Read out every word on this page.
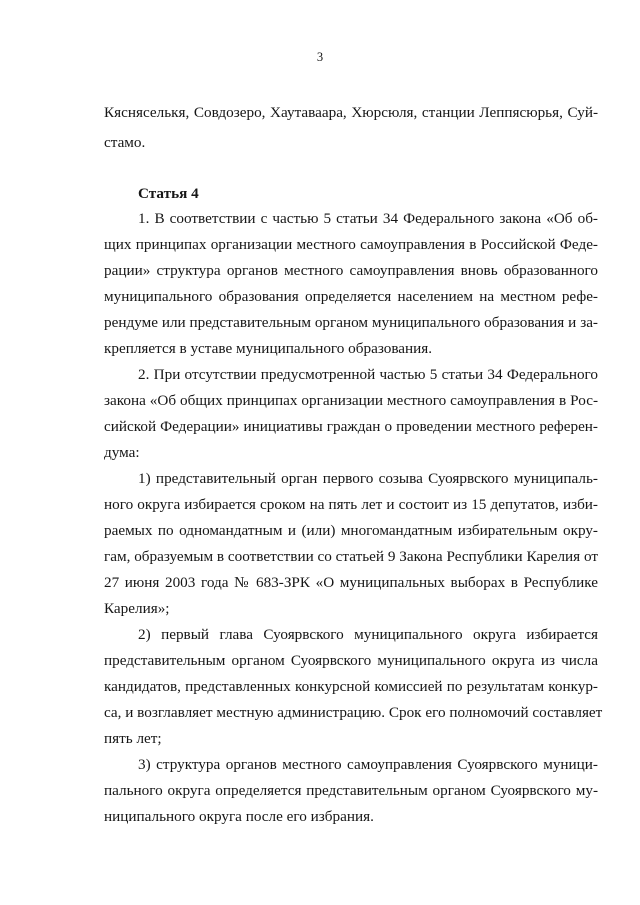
3
Кясняселькя, Совдозеро, Хаутаваара, Хюрсюля, станции Леппясюрья, Суй-
стамо.
Статья 4
1. В соответствии с частью 5 статьи 34 Федерального закона «Об об-
щих принципах организации местного самоуправления в Российской Феде-
рации» структура органов местного самоуправления вновь образованного
муниципального образования определяется населением на местном рефе-
рендуме или представительным органом муниципального образования и за-
крепляется в уставе муниципального образования.
2. При отсутствии предусмотренной частью 5 статьи 34 Федерального
закона «Об общих принципах организации местного самоуправления в Рос-
сийской Федерации» инициативы граждан о проведении местного референ-
дума:
1) представительный орган первого созыва Суоярвского муниципаль-
ного округа избирается сроком на пять лет и состоит из 15 депутатов, изби-
раемых по одномандатным и (или) многомандатным избирательным окру-
гам, образуемым в соответствии со статьей 9 Закона Республики Карелия от
27 июня 2003 года № 683-ЗРК «О муниципальных выборах в Республике
Карелия»;
2) первый глава Суоярвского муниципального округа избирается
представительным органом Суоярвского муниципального округа из числа
кандидатов, представленных конкурсной комиссией по результатам конкур-
са, и возглавляет местную администрацию. Срок его полномочий составляет
пять лет;
3) структура органов местного самоуправления Суоярвского муници-
пального округа определяется представительным органом Суоярвского му-
ниципального округа после его избрания.
